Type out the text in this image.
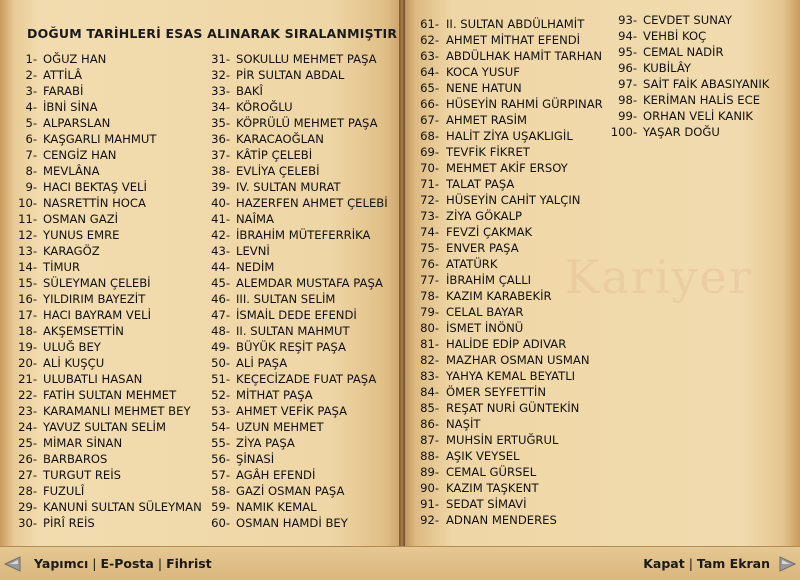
DOĞUM TARİHLERİ ESAS ALINARAK SIRALANMIŞTIR
1- OĞUZ HAN
2- ATTİLÂ
3- FARABİ
4- İBNİ SİNA
5- ALPARSLAN
6- KAŞGARLI MAHMUT
7- CENGİZ HAN
8- MEVLÂNA
9- HACI BEKTAŞ VELİ
10- NASRETTİN HOCA
11- OSMAN GAZİ
12- YUNUS EMRE
13- KARAGÖZ
14- TİMUR
15- SÜLEYMAN ÇELEBİ
16- YILDIRIM BAYEZİT
17- HACI BAYRAM VELİ
18- AKŞEMSETTİN
19- ULUĞ BEY
20- ALİ KUŞÇU
21- ULUBATLI HASAN
22- FATİH SULTAN MEHMET
23- KARAMANLI MEHMET BEY
24- YAVUZ SULTAN SELİM
25- MİMAR SİNAN
26- BARBAROS
27- TURGUT REİS
28- FUZULÎ
29- KANUNİ SULTAN SÜLEYMAN
30- PİRÎ REİS
31- SOKULLU MEHMET PAŞA
32- PİR SULTAN ABDAL
33- BAKÎ
34- KÖROĞLU
35- KÖPRÜLÜ MEHMET PAŞA
36- KARACAOĞLAN
37- KÂTİP ÇELEBİ
38- EVLİYA ÇELEBİ
39- IV. SULTAN MURAT
40- HAZERFEN AHMET ÇELEBİ
41- NAÎMA
42- İBRAHİM MÜTEFERRİKA
43- LEVNİ
44- NEDİM
45- ALEMDAR MUSTAFA PAŞA
46- III. SULTAN SELİM
47- İSMAİL DEDE EFENDİ
48- II. SULTAN MAHMUT
49- BÜYÜK REŞİT PAŞA
50- ALİ PAŞA
51- KEÇECİZADE FUAT PAŞA
52- MİTHAT PAŞA
53- AHMET VEFİK PAŞA
54- UZUN MEHMET
55- ZİYA PAŞA
56- ŞİNASİ
57- AGÂH EFENDİ
58- GAZİ OSMAN PAŞA
59- NAMIK KEMAL
60- OSMAN HAMDİ BEY
61- II. SULTAN ABDÜLHAMİT
62- AHMET MİTHAT EFENDİ
63- ABDÜLHAK HAMİT TARHAN
64- KOCA YUSUF
65- NENE HATUN
66- HÜSEYİN RAHMİ GÜRPINAR
67- AHMET RASİM
68- HALİT ZİYA UŞAKLIGİL
69- TEVFİK FİKRET
70- MEHMET AKİF ERSOY
71- TALAT PAŞA
72- HÜSEYİN CAHİT YALÇIN
73- ZİYA GÖKALP
74- FEVZİ ÇAKMAK
75- ENVER PAŞA
76- ATATÜRK
77- İBRAHİM ÇALLI
78- KAZIM KARABEKİR
79- CELAL BAYAR
80- İSMET İNÖNÜ
81- HALİDE EDİP ADIVAR
82- MAZHAR OSMAN USMAN
83- YAHYA KEMAL BEYATLI
84- ÖMER SEYFETTİN
85- REŞAT NURİ GÜNTEKİN
86- NAŞİT
87- MUHSİN ERTUĞRUL
88- AŞIK VEYSEL
89- CEMAL GÜRSEL
90- KAZIM TAŞKENT
91- SEDAT SİMAVİ
92- ADNAN MENDERES
93- CEVDET SUNAY
94- VEHBİ KOÇ
95- CEMAL NADİR
96- KUBİLÂY
97- SAİT FAİK ABASIYANIK
98- KERİMAN HALİS ECE
99- ORHAN VELİ KANIK
100- YAŞAR DOĞU
Yapımcı | E-Posta | Fihrist	Kapat | Tam Ekran
